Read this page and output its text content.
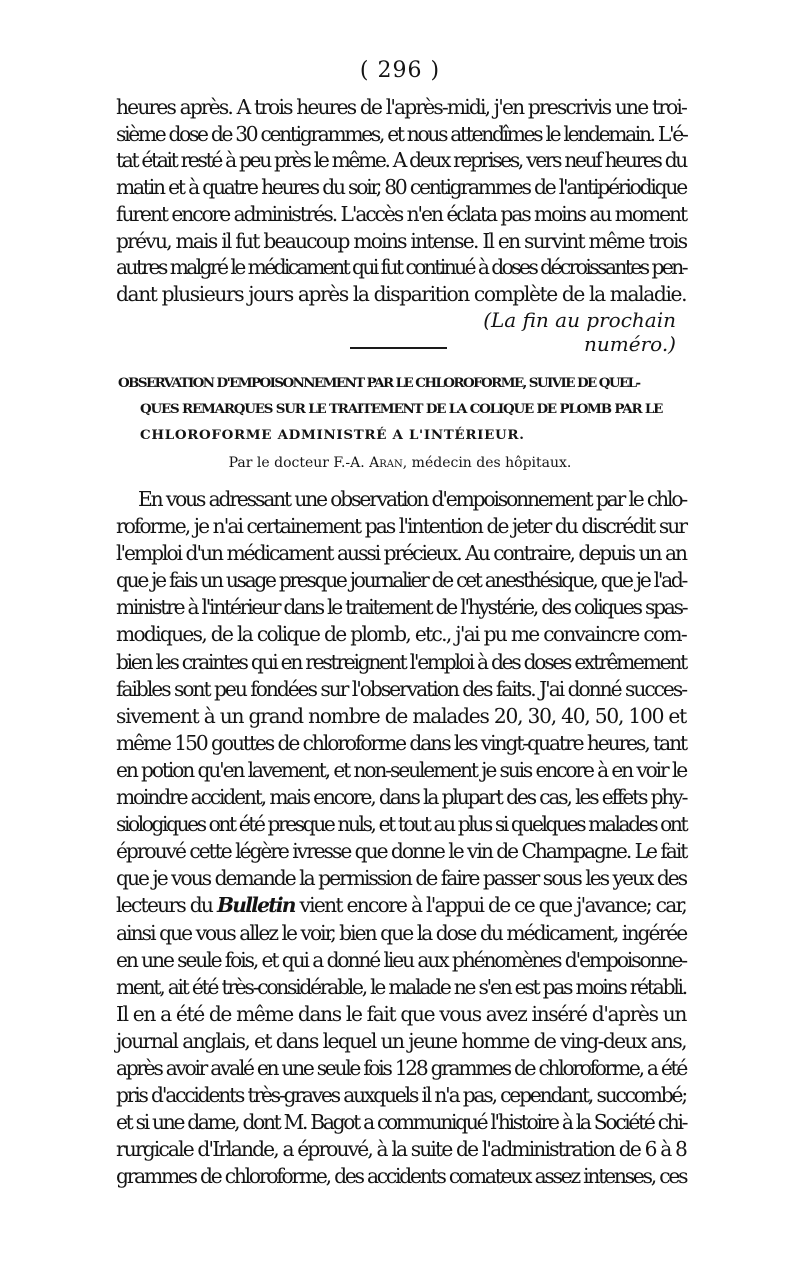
( 296 )

heures après. A trois heures de l'après-midi, j'en prescrivis une troi-
sième dose de 30 centigrammes, et nous attendîmes le lendemain. L'é-
tat était resté à peu près le même. A deux reprises, vers neuf heures du
matin et à quatre heures du soir, 80 centigrammes de l'antipériodique
furent encore administrés. L'accès n'en éclata pas moins au moment
prévu, mais il fut beaucoup moins intense. Il en survint même trois
autres malgré le médicament qui fut continué à doses décroissantes pen-
dant plusieurs jours après la disparition complète de la maladie.

(La fin au prochain numéro.)

OBSERVATION D'EMPOISONNEMENT PAR LE CHLOROFORME, SUIVIE DE QUEL-
QUES REMARQUES SUR LE TRAITEMENT DE LA COLIQUE DE PLOMB PAR LE
CHLOROFORME ADMINISTRÉ A L'INTÉRIEUR.

Par le docteur F.-A. Aran, médecin des hôpitaux.

En vous adressant une observation d'empoisonnement par le chlo-
roforme, je n'ai certainement pas l'intention de jeter du discrédit sur
l'emploi d'un médicament aussi précieux. Au contraire, depuis un an
que je fais un usage presque journalier de cet anesthésique, que je l'ad-
ministre à l'intérieur dans le traitement de l'hystérie, des coliques spas-
modiques, de la colique de plomb, etc., j'ai pu me convaincre com-
bien les craintes qui en restreignent l'emploi à des doses extrêmement
faibles sont peu fondées sur l'observation des faits. J'ai donné succes-
sivement à un grand nombre de malades 20, 30, 40, 50, 100 et
même 150 gouttes de chloroforme dans les vingt-quatre heures, tant
en potion qu'en lavement, et non-seulement je suis encore à en voir le
moindre accident, mais encore, dans la plupart des cas, les effets phy-
siologiques ont été presque nuls, et tout au plus si quelques malades ont
éprouvé cette légère ivresse que donne le vin de Champagne. Le fait
que je vous demande la permission de faire passer sous les yeux des
lecteurs du Bulletin vient encore à l'appui de ce que j'avance; car,
ainsi que vous allez le voir, bien que la dose du médicament, ingérée
en une seule fois, et qui a donné lieu aux phénomènes d'empoisonne-
ment, ait été très-considérable, le malade ne s'en est pas moins rétabli.
Il en a été de même dans le fait que vous avez inséré d'après un
journal anglais, et dans lequel un jeune homme de ving-deux ans,
après avoir avalé en une seule fois 128 grammes de chloroforme, a été
pris d'accidents très-graves auxquels il n'a pas, cependant, succombé;
et si une dame, dont M. Bagot a communiqué l'histoire à la Société chi-
rurgicale d'Irlande, a éprouvé, à la suite de l'administration de 6 à 8
grammes de chloroforme, des accidents comateux assez intenses, ces
